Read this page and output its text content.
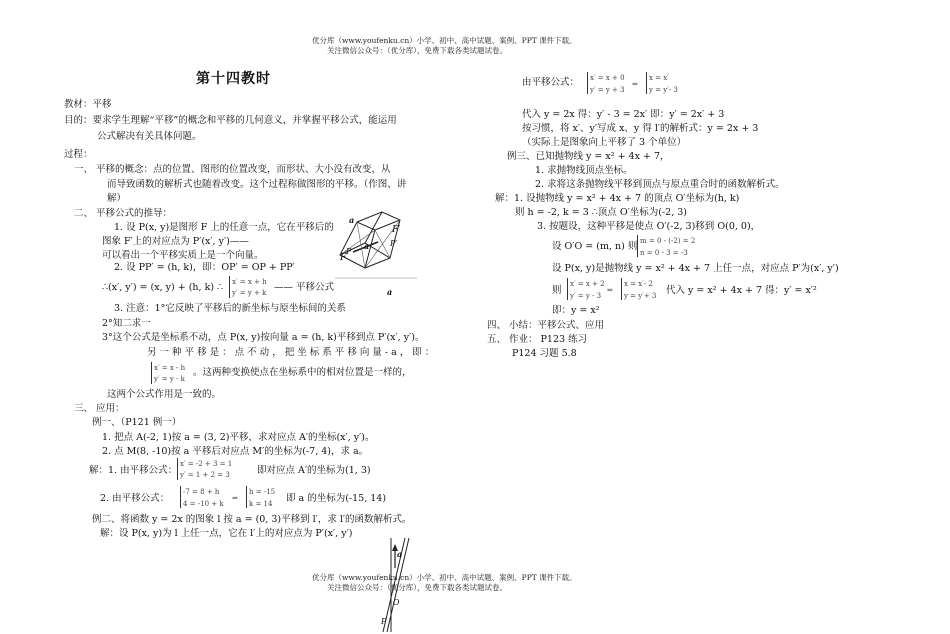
优分库（www.youfenku.cn）小学、初中、高中试题、案例、PPT 课件下载。
关注微信公众号：（优分库），免费下载各类试题试卷。
第十四教时
教材：平移
目的：要求学生理解“平移”的概念和平移的几何意义，并掌握平移公式，能运用
公式解决有关具体问题。
过程：
一、 平移的概念：点的位置、图形的位置改变，而形状、大小没有改变，从
而导致函数的解析式也随着改变。这个过程称做图形的平移。（作图、讲
解）
二、 平移公式的推导：
1. 设 P(x, y)是图形 F 上的任意一点，它在平移后的
图象 F′上的对应点为 P′(x′, y′)——
可以看出一个平移实质上是一个向量。
2. 设 PP′ = (h, k)，即：OP′ = OP + PP′
∴(x′, y′) = (x, y) + (h, k) ∴ x′ = x + h
y′ = y + k —— 平移公式
F
F′
P
P′
a
a
a
3. 注意：1°它反映了平移后的新坐标与原坐标间的关系
2°知二求一
3°这个公式是坐标系不动，点 P(x, y)按向量 a = (h, k)平移到点 P′(x′, y′)。
另 一 种 平 移 是 ： 点 不 动 ， 把 坐 标 系 平 移 向 量 - a ， 即 ：
x′ = x - h
y′ = y - k
。这两种变换使点在坐标系中的相对位置是一样的，
这两个公式作用是一致的。
三、 应用：
例一、（P121 例一）
1. 把点 A(-2, 1)按 a = (3, 2)平移，求对应点 A′的坐标(x′, y′)。
2. 点 M(8, -10)按 a 平移后对应点 M′的坐标为(-7, 4)，求 a。
解：1. 由平移公式：
x′ = -2 + 3 = 1
y′ = 1 + 2 = 3	即对应点 A′的坐标为(1, 3)
2. 由平移公式：
-7 = 8 + h
4 = -10 + k
⇒
h = -15
k = 14 即 a 的坐标为(-15, 14)
例二、将函数 y = 2x 的图象 l 按 a = (0, 3)平移到 l′，求 l′的函数解析式。
解：设 P(x, y)为 l 上任一点，它在 l′上的对应点为 P′(x′, y′)
a
O
P
由平移公式： x′ = x + 0
y′ = y + 3
⇒
x = x′
y = y′- 3
代入 y = 2x 得：y′ - 3 = 2x′ 即：y′ = 2x′ + 3
按习惯，将 x′、y′写成 x、y 得 l′的解析式：y = 2x + 3
（实际上是图象向上平移了 3 个单位）
例三、已知抛物线 y = x² + 4x + 7，
1. 求抛物线顶点坐标。
2. 求将这条抛物线平移到顶点与原点重合时的函数解析式。
解：1. 设抛物线 y = x² + 4x + 7 的顶点 O′坐标为(h, k)
则 h = -2, k = 3 ∴顶点 O′坐标为(-2, 3)
3. 按题设，这种平移是使点 O′(-2, 3)移到 O(0, 0)，
设 O′O = (m, n) 则 m = 0 - (-2) = 2
n = 0 - 3 = -3
设 P(x, y)是抛物线 y = x² + 4x + 7 上任一点，对应点 P′为(x′, y′)
则
x′ = x + 2
y′ = y - 3
⇒
x = x′- 2
y = y′+ 3 代入 y = x² + 4x + 7 得：y′ = x′²
即：y = x²
四、 小结：平移公式、应用
五、 作业： P123 练习
P124 习题 5.8
优分库（www.youfenku.cn）小学、初中、高中试题、案例、PPT 课件下载。
关注微信公众号：（优分库），免费下载各类试题试卷。
